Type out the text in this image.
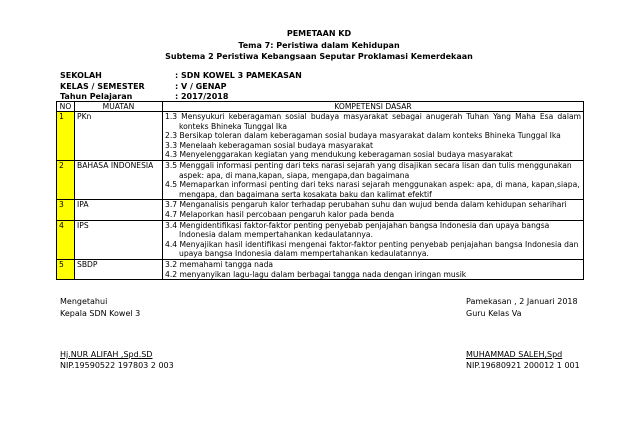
PEMETAAN KD
Tema 7: Peristiwa dalam Kehidupan
Subtema 2 Peristiwa Kebangsaan Seputar Proklamasi Kemerdekaan
SEKOLAH	: SDN KOWEL 3 PAMEKASAN
KELAS / SEMESTER	: V / GENAP
Tahun Pelajaran	: 2017/2018
NO	MUATAN	KOMPETENSI DASAR
1	PKn	1.3 Mensyukuri keberagaman sosial budaya masyarakat sebagai anugerah Tuhan Yang Maha Esa dalam konteks Bhineka Tunggal Ika
2.3 Bersikap toleran dalam keberagaman sosial budaya masyarakat dalam konteks Bhineka Tunggal Ika
3.3 Menelaah keberagaman sosial budaya masyarakat
4.3 Menyelenggarakan kegiatan yang mendukung keberagaman sosial budaya masyarakat

2	BAHASA INDONESIA	3.5 Menggali informasi penting dari teks narasi sejarah yang disajikan secara lisan dan tulis menggunakan aspek: apa, di mana,kapan, siapa, mengapa,dan bagaimana
4.5 Memaparkan informasi penting dari teks narasi sejarah menggunakan aspek: apa, di mana, kapan,siapa, mengapa, dan bagaimana serta kosakata baku dan kalimat efektif

3	IPA	3.7 Menganalisis pengaruh kalor terhadap perubahan suhu dan wujud benda dalam kehidupan seharihari
4.7 Melaporkan hasil percobaan pengaruh kalor pada benda

4	IPS	3.4 Mengidentifikasi faktor-faktor penting penyebab penjajahan bangsa Indonesia dan upaya bangsa Indonesia dalam mempertahankan kedaulatannya.
4.4 Menyajikan hasil identifikasi mengenai faktor-faktor penting penyebab penjajahan bangsa Indonesia dan upaya bangsa Indonesia dalam mempertahankan kedaulatannya.

5	SBDP	3.2 memahami tangga nada
4.2 menyanyikan lagu-lagu dalam berbagai tangga nada dengan iringan musik
Mengetahui
Kepala SDN Kowel 3
Pamekasan , 2 Januari 2018
Guru Kelas Va
Hj.NUR ALIFAH ,Spd.SD
NIP.19590522 197803 2 003
MUHAMMAD SALEH,Spd
NIP.19680921 200012 1 001
